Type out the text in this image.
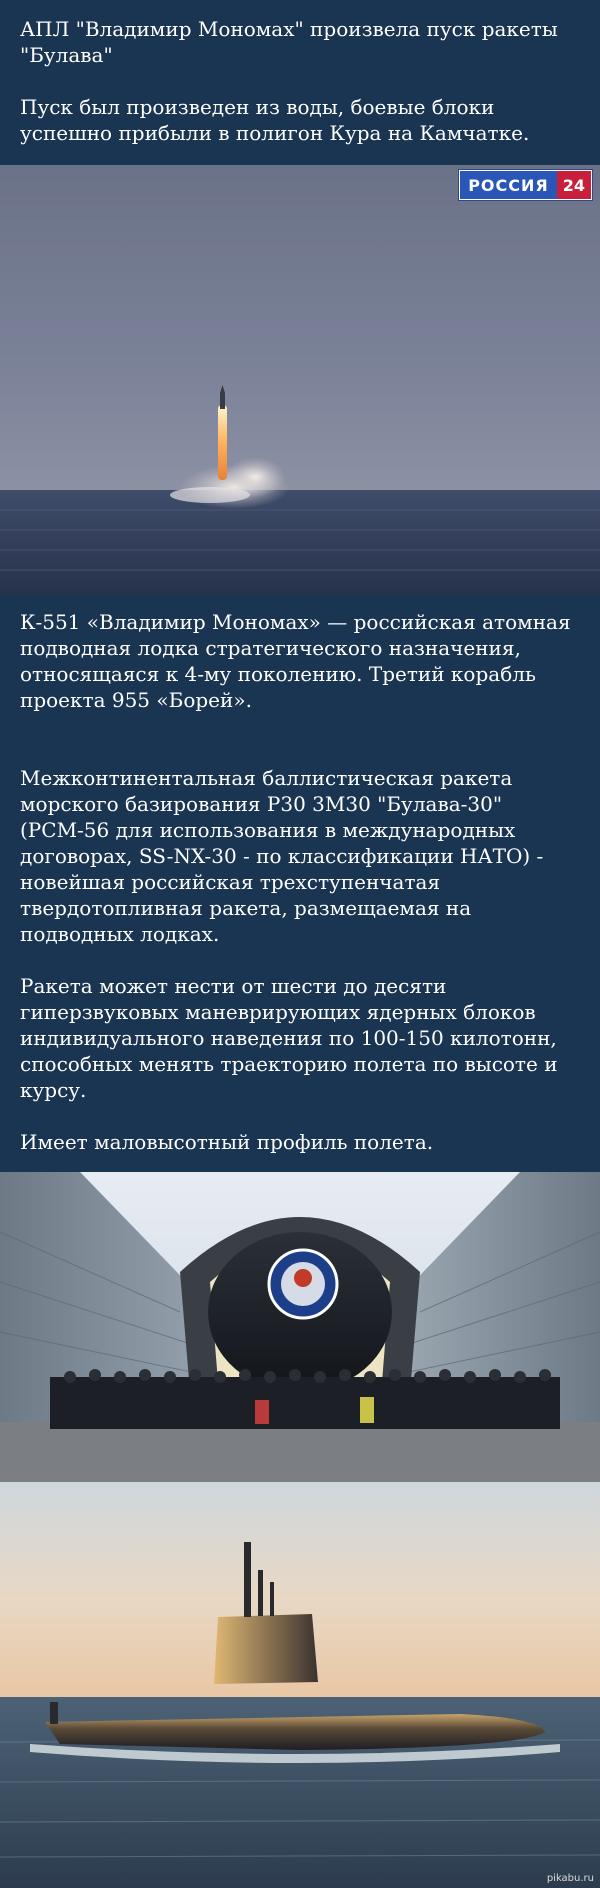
АПЛ "Владимир Мономах" произвела пуск ракеты "Булава"

Пуск был произведен из воды, боевые блоки успешно прибыли в полигон Кура на Камчатке.

РОССИЯ 24

К-551 «Владимир Мономах» — российская атомная подводная лодка стратегического назначения, относящаяся к 4-му поколению. Третий корабль проекта 955 «Борей».

Межконтинентальная баллистическая ракета морского базирования Р30 3М30 "Булава-30" (РСМ-56 для использования в международных договорах, SS-NX-30 - по классификации НАТО) - новейшая российская трехступенчатая твердотопливная ракета, размещаемая на подводных лодках.

Ракета может нести от шести до десяти гиперзвуковых маневрирующих ядерных блоков индивидуального наведения по 100-150 килотонн, способных менять траекторию полета по высоте и курсу.

Имеет маловысотный профиль полета.

pikabu.ru
